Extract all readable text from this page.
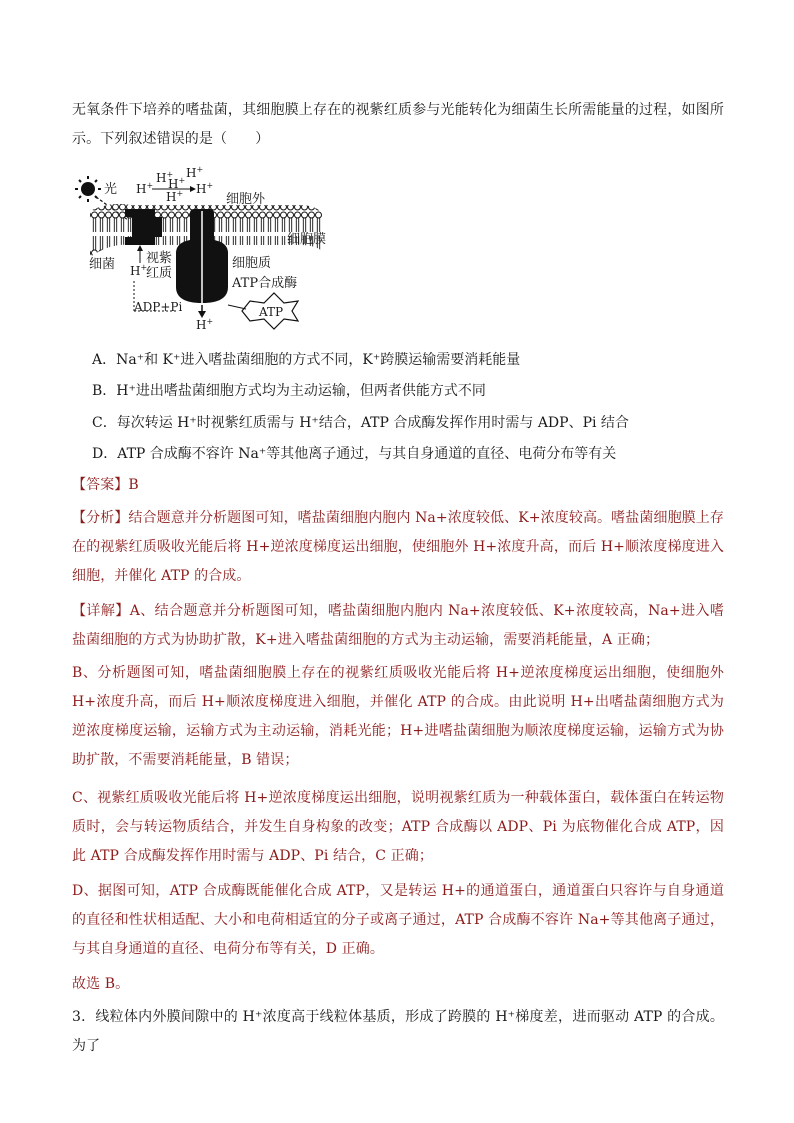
无氧条件下培养的嗜盐菌，其细胞膜上存在的视紫红质参与光能转化为细菌生长所需能量的过程，如图所示。下列叙述错误的是（　　）
光 H+
H+
H+
H+
H+ H+
细胞外
细胞膜
细菌 视紫
红质
细胞质
ATP合成酶
H+
ADP+Pi
H+
ATP
A．Na⁺和 K⁺进入嗜盐菌细胞的方式不同，K⁺跨膜运输需要消耗能量
B．H⁺进出嗜盐菌细胞方式均为主动运输，但两者供能方式不同
C．每次转运 H⁺时视紫红质需与 H⁺结合，ATP 合成酶发挥作用时需与 ADP、Pi 结合
D．ATP 合成酶不容许 Na⁺等其他离子通过，与其自身通道的直径、电荷分布等有关
【答案】B
【分析】结合题意并分析题图可知，嗜盐菌细胞内胞内 Na+浓度较低、K+浓度较高。嗜盐菌细胞膜上存在的视紫红质吸收光能后将 H+逆浓度梯度运出细胞，使细胞外 H+浓度升高，而后 H+顺浓度梯度进入细胞，并催化 ATP 的合成。
【详解】A、结合题意并分析题图可知，嗜盐菌细胞内胞内 Na+浓度较低、K+浓度较高，Na+进入嗜盐菌细胞的方式为协助扩散，K+进入嗜盐菌细胞的方式为主动运输，需要消耗能量，A 正确；
B、分析题图可知，嗜盐菌细胞膜上存在的视紫红质吸收光能后将 H+逆浓度梯度运出细胞，使细胞外 H+浓度升高，而后 H+顺浓度梯度进入细胞，并催化 ATP 的合成。由此说明 H+出嗜盐菌细胞方式为逆浓度梯度运输，运输方式为主动运输，消耗光能；H+进嗜盐菌细胞为顺浓度梯度运输，运输方式为协助扩散，不需要消耗能量，B 错误；
C、视紫红质吸收光能后将 H+逆浓度梯度运出细胞，说明视紫红质为一种载体蛋白，载体蛋白在转运物质时，会与转运物质结合，并发生自身构象的改变；ATP 合成酶以 ADP、Pi 为底物催化合成 ATP，因此 ATP 合成酶发挥作用时需与 ADP、Pi 结合，C 正确；
D、据图可知，ATP 合成酶既能催化合成 ATP，又是转运 H+的通道蛋白，通道蛋白只容许与自身通道的直径和性状相适配、大小和电荷相适宜的分子或离子通过，ATP 合成酶不容许 Na+等其他离子通过，与其自身通道的直径、电荷分布等有关，D 正确。
故选 B。
3．线粒体内外膜间隙中的 H⁺浓度高于线粒体基质，形成了跨膜的 H⁺梯度差，进而驱动 ATP 的合成。为了
